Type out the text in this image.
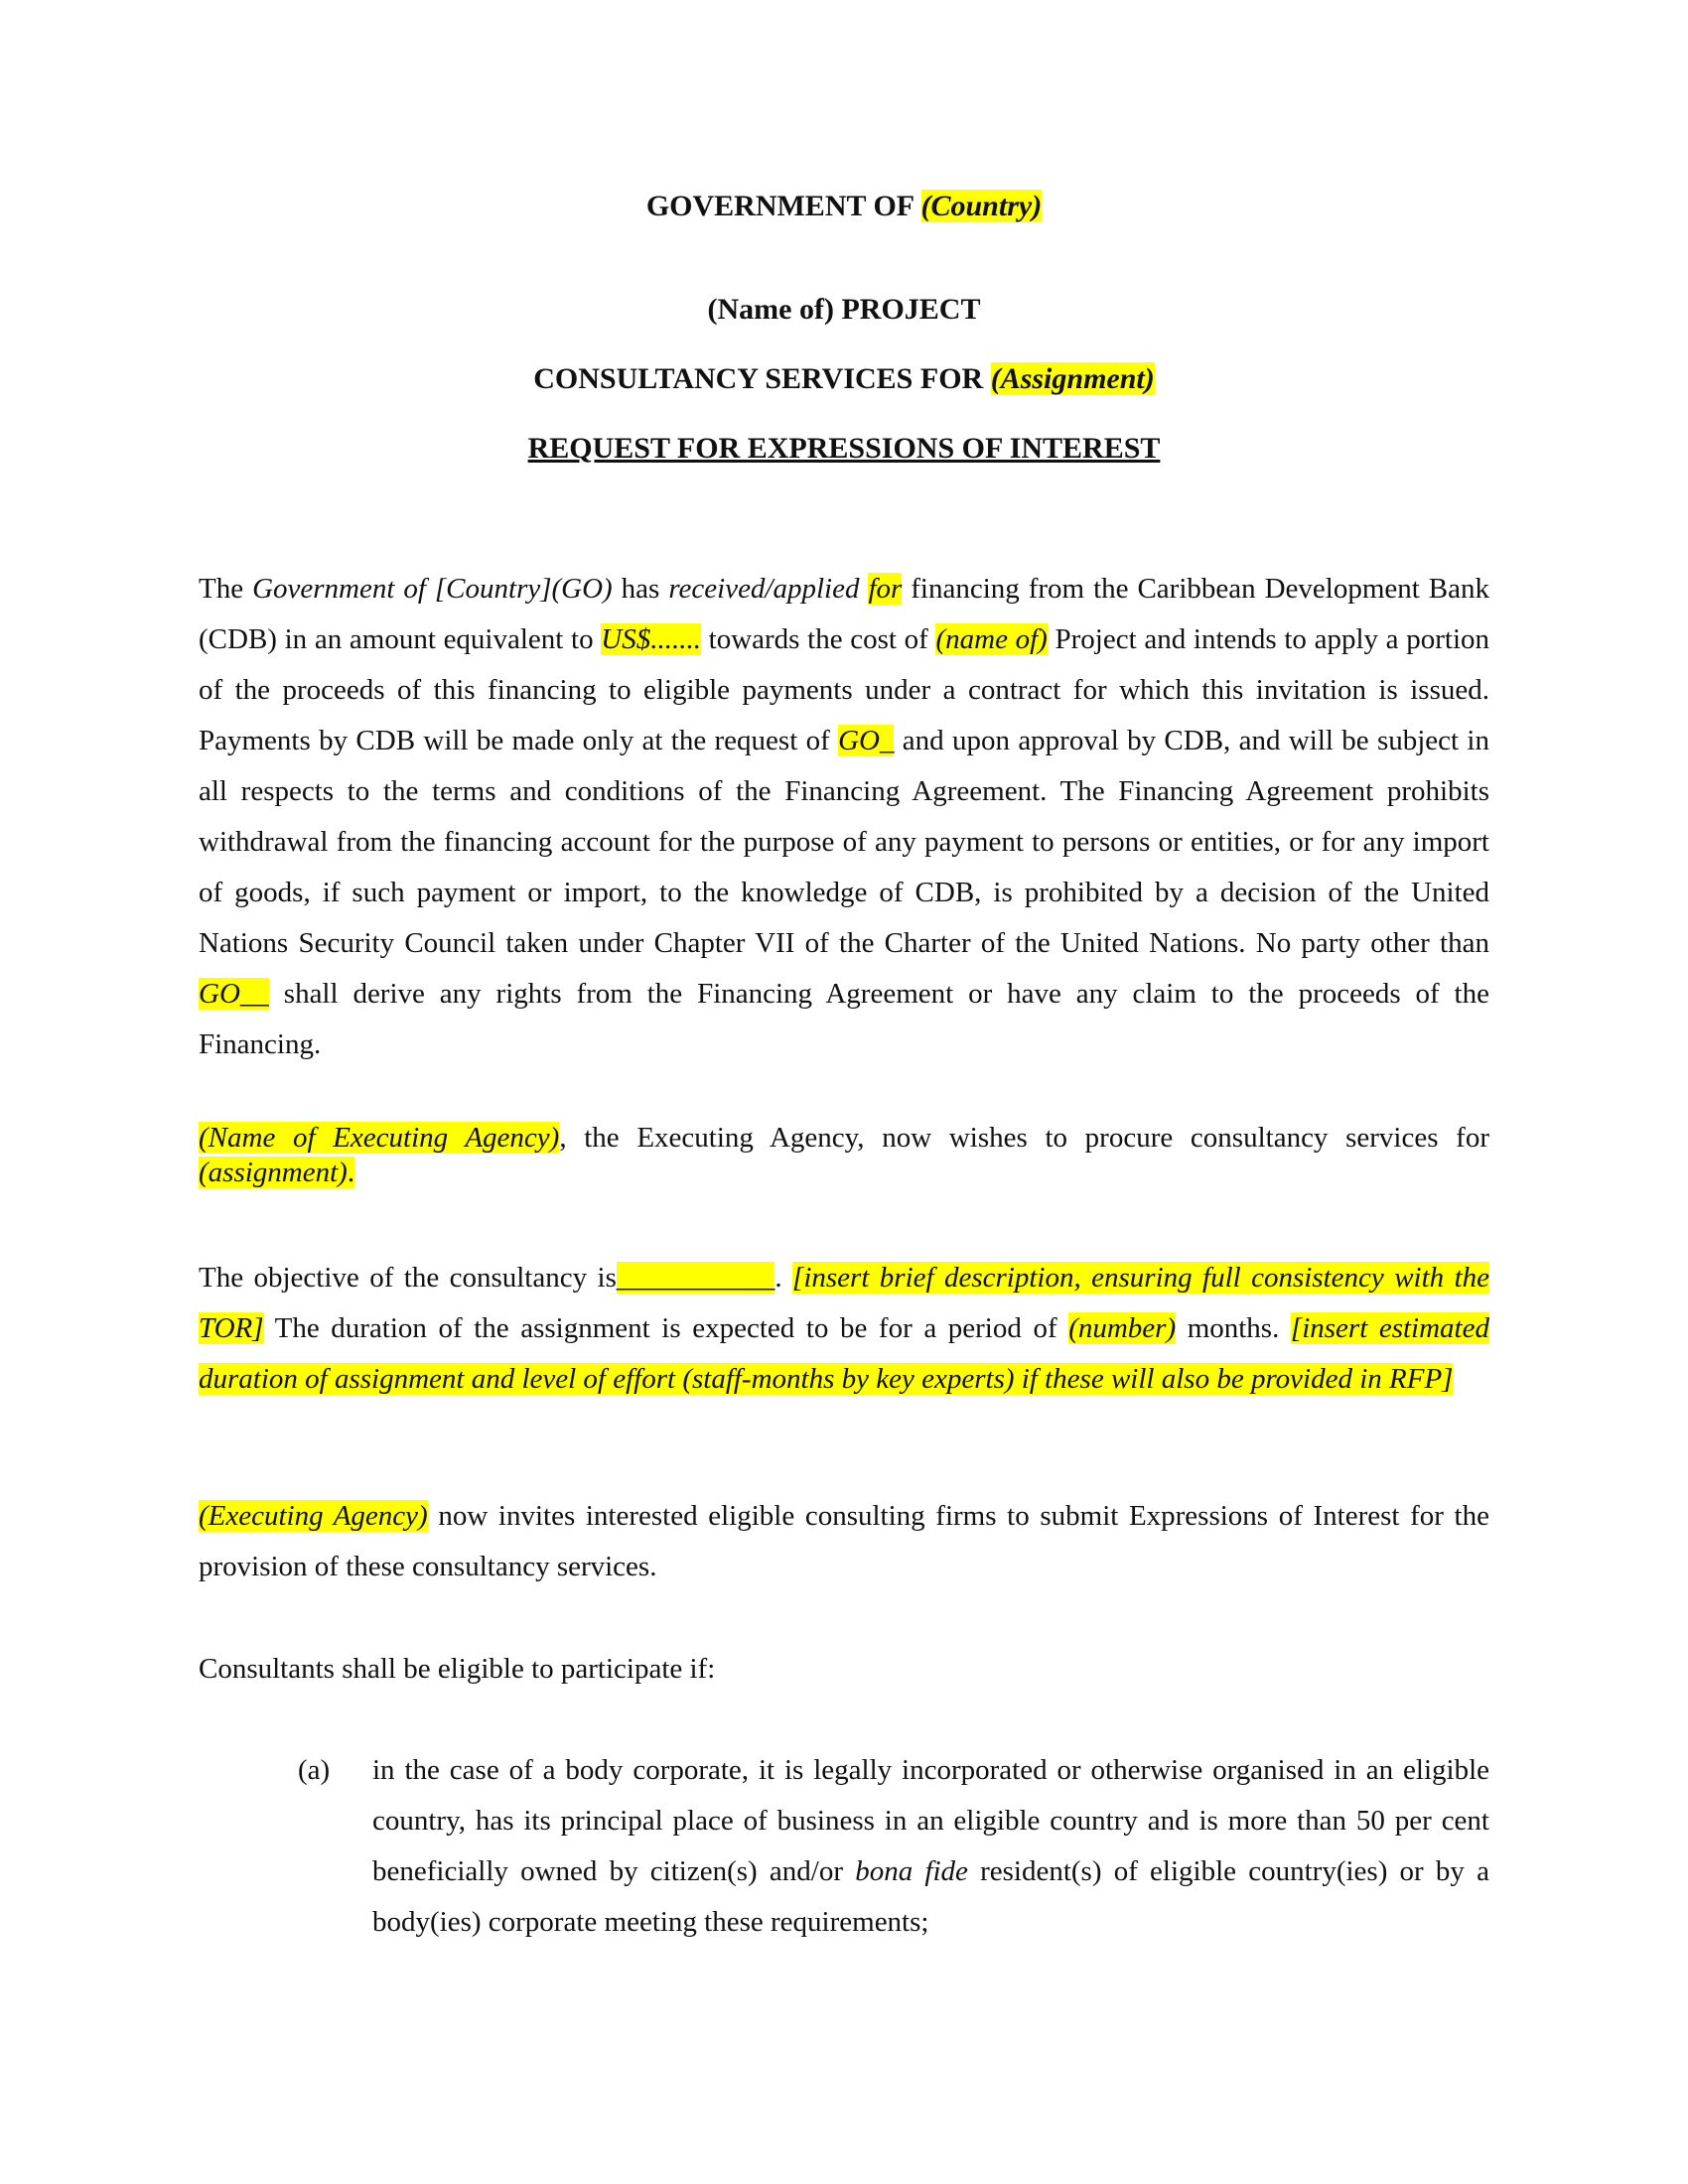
GOVERNMENT OF (Country)
(Name of) PROJECT
CONSULTANCY SERVICES FOR (Assignment)
REQUEST FOR EXPRESSIONS OF INTEREST
The Government of [Country](GO) has received/applied for financing from the Caribbean Development Bank (CDB) in an amount equivalent to US$....... towards the cost of (name of) Project and intends to apply a portion of the proceeds of this financing to eligible payments under a contract for which this invitation is issued. Payments by CDB will be made only at the request of GO_ and upon approval by CDB, and will be subject in all respects to the terms and conditions of the Financing Agreement. The Financing Agreement prohibits withdrawal from the financing account for the purpose of any payment to persons or entities, or for any import of goods, if such payment or import, to the knowledge of CDB, is prohibited by a decision of the United Nations Security Council taken under Chapter VII of the Charter of the United Nations. No party other than GO__ shall derive any rights from the Financing Agreement or have any claim to the proceeds of the Financing.
(Name of Executing Agency), the Executing Agency, now wishes to procure consultancy services for (assignment).
The objective of the consultancy is___________. [insert brief description, ensuring full consistency with the TOR] The duration of the assignment is expected to be for a period of (number) months. [insert estimated duration of assignment and level of effort (staff-months by key experts) if these will also be provided in RFP]
(Executing Agency) now invites interested eligible consulting firms to submit Expressions of Interest for the provision of these consultancy services.
Consultants shall be eligible to participate if:
(a) in the case of a body corporate, it is legally incorporated or otherwise organised in an eligible country, has its principal place of business in an eligible country and is more than 50 per cent beneficially owned by citizen(s) and/or bona fide resident(s) of eligible country(ies) or by a body(ies) corporate meeting these requirements;
